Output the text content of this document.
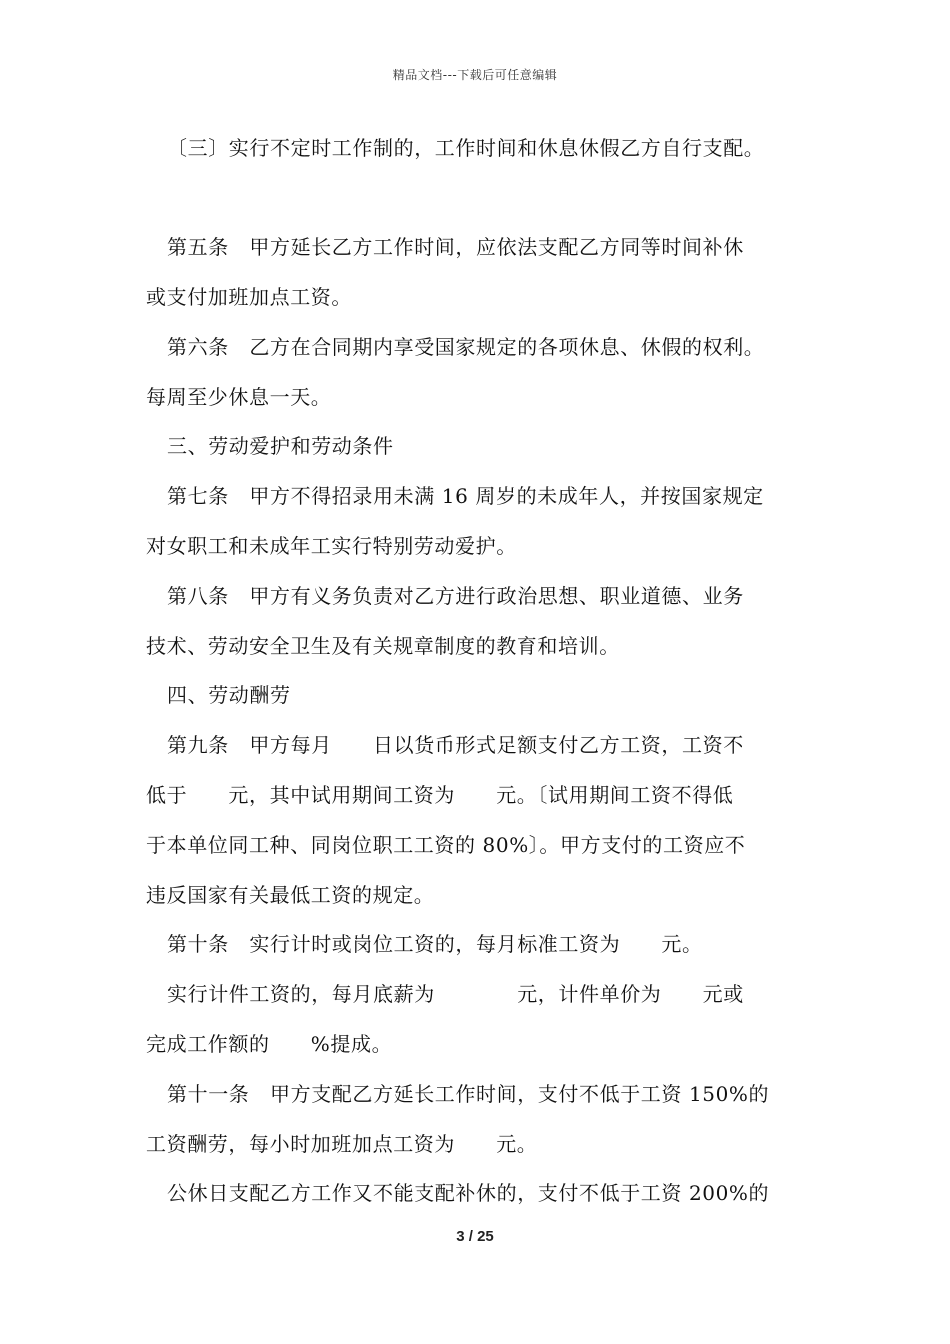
精品文档---下载后可任意编辑
〔三〕实行不定时工作制的，工作时间和休息休假乙方自行支配。
第五条　甲方延长乙方工作时间，应依法支配乙方同等时间补休
或支付加班加点工资。
第六条　乙方在合同期内享受国家规定的各项休息、休假的权利。
每周至少休息一天。
三、劳动爱护和劳动条件
第七条　甲方不得招录用未满 16 周岁的未成年人，并按国家规定
对女职工和未成年工实行特别劳动爱护。
第八条　甲方有义务负责对乙方进行政治思想、职业道德、业务
技术、劳动安全卫生及有关规章制度的教育和培训。
四、劳动酬劳
第九条　甲方每月　　日以货币形式足额支付乙方工资，工资不
低于　　元，其中试用期间工资为　　元。〔试用期间工资不得低
于本单位同工种、同岗位职工工资的 80%〕。甲方支付的工资应不
违反国家有关最低工资的规定。
第十条　实行计时或岗位工资的，每月标准工资为　　元。
实行计件工资的，每月底薪为　　　　元，计件单价为　　元或
完成工作额的　　%提成。
第十一条　甲方支配乙方延长工作时间，支付不低于工资 150%的
工资酬劳，每小时加班加点工资为　　元。
公休日支配乙方工作又不能支配补休的，支付不低于工资 200%的
3 / 25
